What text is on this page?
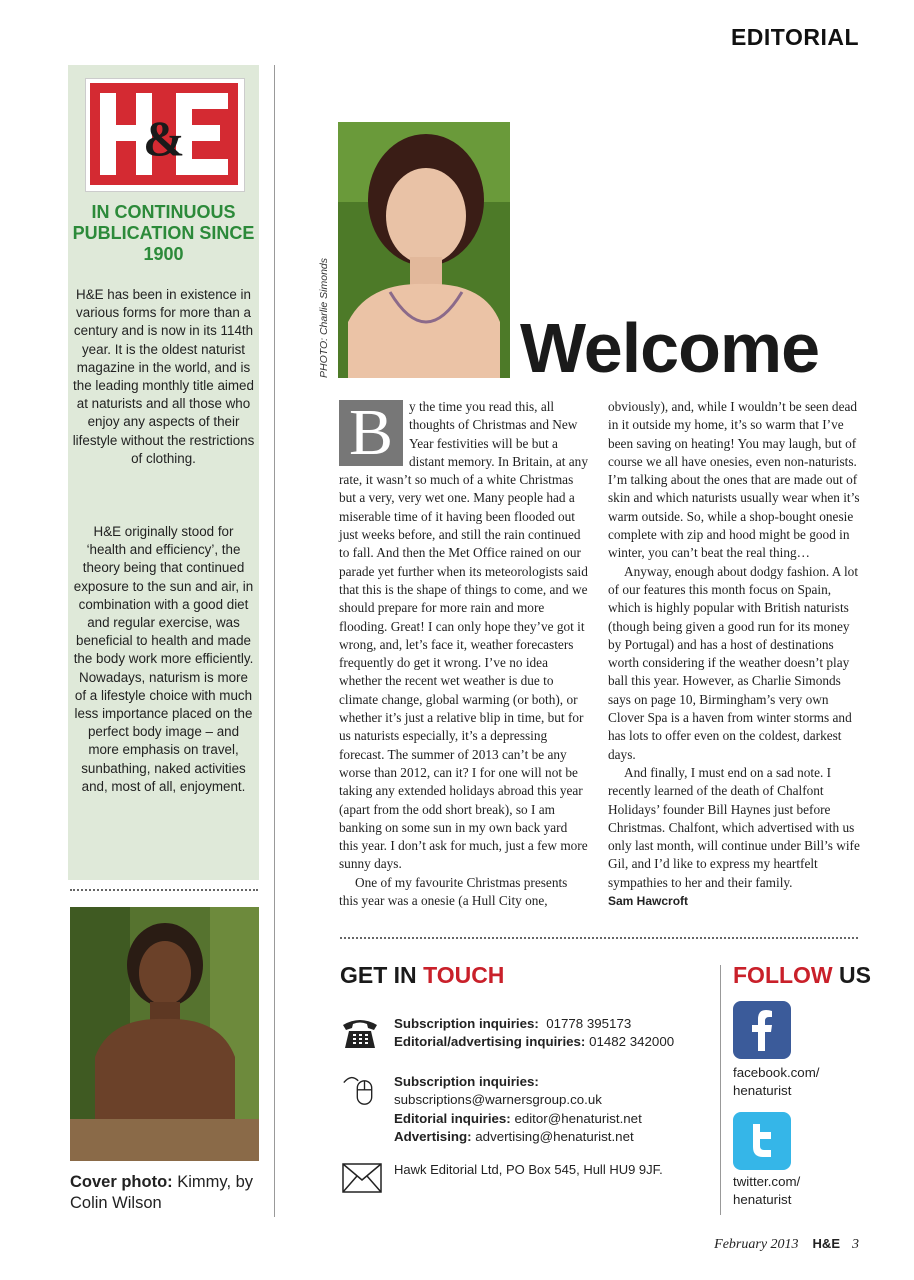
EDITORIAL
&
IN CONTINUOUS PUBLICATION SINCE 1900
H&E has been in existence in various forms for more than a century and is now in its 114th year. It is the oldest naturist magazine in the world, and is the leading monthly title aimed at naturists and all those who enjoy any aspects of their lifestyle without the restrictions of clothing.
H&E originally stood for ‘health and efficiency’, the theory being that continued exposure to the sun and air, in combination with a good diet and regular exercise, was beneficial to health and made the body work more efficiently. Nowadays, naturism is more of a lifestyle choice with much less importance placed on the perfect body image – and more emphasis on travel, sunbathing, naked activities and, most of all, enjoyment.
Cover photo: Kimmy, by Colin Wilson
PHOTO: Charlie Simonds	Welcome

B	y the time you read this, all thoughts of Christmas and New Year festivities will be but a distant memory. In Britain, at any rate, it wasn’t so much of a white Christmas but a very, very wet one. Many people had a miserable time of it having been flooded out just weeks before, and still the rain continued to fall. And then the Met Office rained on our parade yet further when its meteorologists said that this is the shape of things to come, and we should prepare for more rain and more flooding. Great! I can only hope they’ve got it wrong, and, let’s face it, weather forecasters frequently do get it wrong. I’ve no idea whether the recent wet weather is due to climate change, global warming (or both), or whether it’s just a relative blip in time, but for us naturists especially, it’s a depressing forecast. The summer of 2013 can’t be any worse than 2012, can it? I for one will not be taking any extended holidays abroad this year (apart from the odd short break), so I am banking on some sun in my own back yard this year. I don’t ask for much, just a few more sunny days.

One of my favourite Christmas presents this year was a onesie (a Hull City one,

obviously), and, while I wouldn’t be seen dead in it outside my home, it’s so warm that I’ve been saving on heating! You may laugh, but of course we all have onesies, even non-naturists. I’m talking about the ones that are made out of skin and which naturists usually wear when it’s warm outside. So, while a shop-bought onesie complete with zip and hood might be good in winter, you can’t beat the real thing…

Anyway, enough about dodgy fashion. A lot of our features this month focus on Spain, which is highly popular with British naturists (though being given a good run for its money by Portugal) and has a host of destinations worth considering if the weather doesn’t play ball this year. However, as Charlie Simonds says on page 10, Birmingham’s very own Clover Spa is a haven from winter storms and has lots to offer even on the coldest, darkest days.

And finally, I must end on a sad note. I recently learned of the death of Chalfont Holidays’ founder Bill Haynes just before Christmas. Chalfont, which advertised with us only last month, will continue under Bill’s wife Gil, and I’d like to express my heartfelt sympathies to her and their family.

Sam Hawcroft

GET IN TOUCH
Subscription inquiries: 01778 395173
Editorial/advertising inquiries: 01482 342000
Subscription inquiries:
subscriptions@warnersgroup.co.uk
Editorial inquiries: editor@henaturist.net
Advertising: advertising@henaturist.net
Hawk Editorial Ltd, PO Box 545, Hull HU9 9JF.
FOLLOW US
facebook.com/
henaturist
twitter.com/
henaturist
February 2013 H&E 3
